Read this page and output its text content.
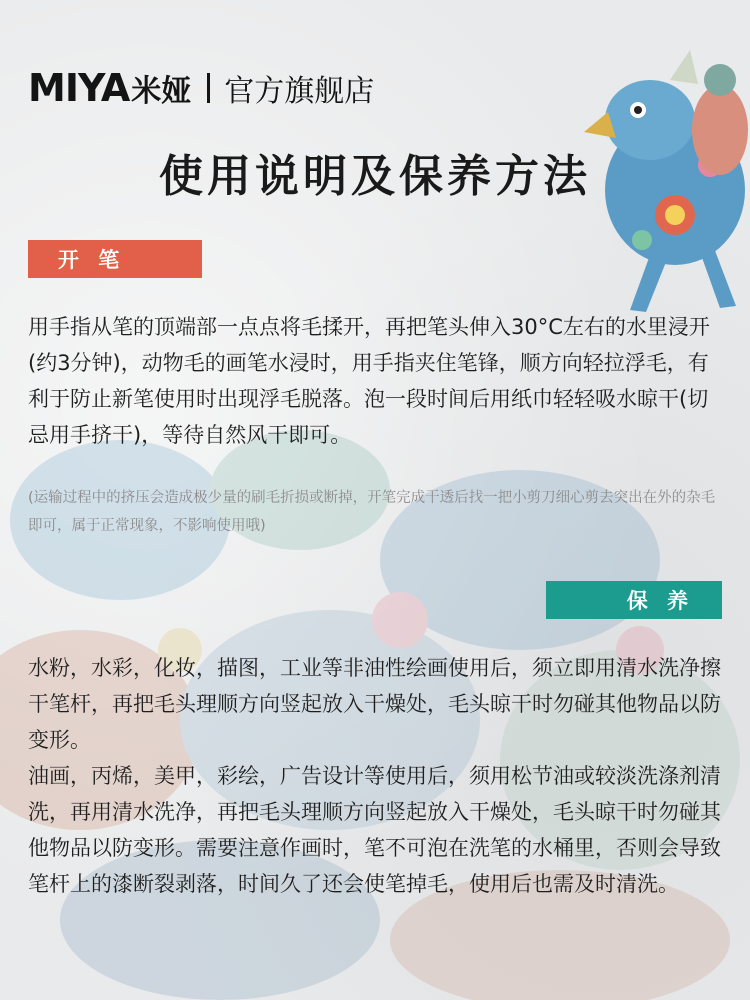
MIYA 米娅 官方旗舰店
使用说明及保养方法
开 笔

用手指从笔的顶端部一点点将毛揉开，再把笔头伸入30°C左右的水里浸开(约3分钟)，动物毛的画笔水浸时，用手指夹住笔锋，顺方向轻拉浮毛，有利于防止新笔使用时出现浮毛脱落。泡一段时间后用纸巾轻轻吸水晾干(切忌用手挤干)，等待自然风干即可。

(运输过程中的挤压会造成极少量的刷毛折损或断掉，开笔完成干透后找一把小剪刀细心剪去突出在外的杂毛即可，属于正常现象，不影响使用哦)

保 养

水粉，水彩，化妆，描图，工业等非油性绘画使用后，须立即用清水洗净擦干笔杆，再把毛头理顺方向竖起放入干燥处，毛头晾干时勿碰其他物品以防变形。

油画，丙烯，美甲，彩绘，广告设计等使用后，须用松节油或较淡洗涤剂清洗，再用清水洗净，再把毛头理顺方向竖起放入干燥处，毛头晾干时勿碰其他物品以防变形。需要注意作画时，笔不可泡在洗笔的水桶里，否则会导致笔杆上的漆断裂剥落，时间久了还会使笔掉毛，使用后也需及时清洗。
